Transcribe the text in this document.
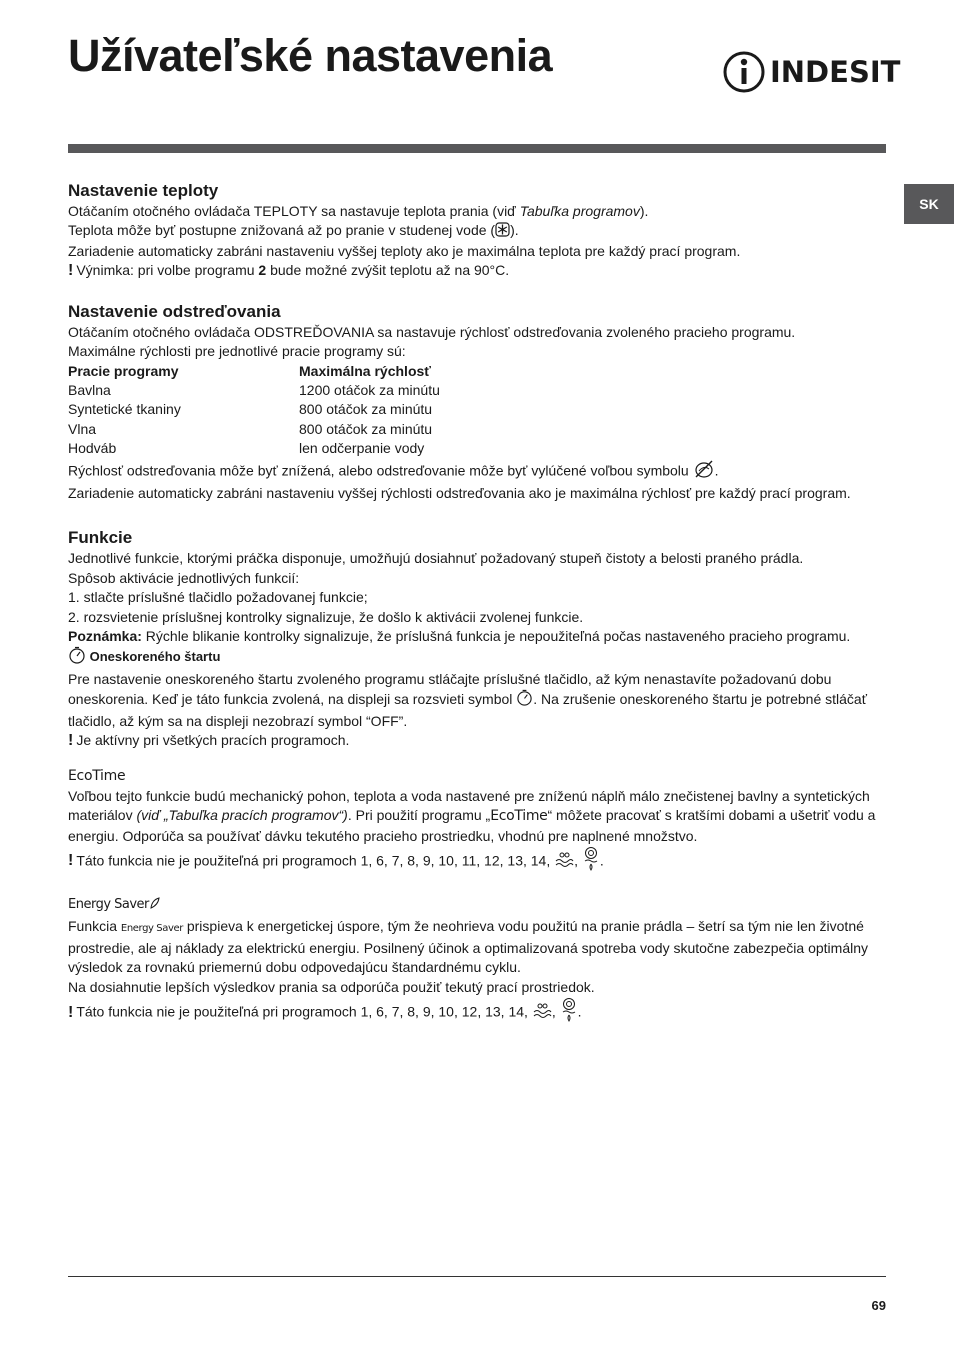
Užívateľské nastavenia	INDESIT
SK
Nastavenie teploty

Otáčaním otočného ovládača TEPLOTY sa nastavuje teplota prania (viď Tabuľka programov).

Teplota môže byť postupne znižovaná až po pranie v studenej vode ( ).

Zariadenie automaticky zabráni nastaveniu vyššej teploty ako je maximálna teplota pre každý prací program.

! Výnimka: pri volbe programu 2 bude možné zvýšit teplotu až na 90°C.

Nastavenie odstreďovania

Otáčaním otočného ovládača ODSTREĎOVANIA sa nastavuje rýchlosť odstreďovania zvoleného pracieho programu.

Maximálne rýchlosti pre jednotlivé pracie programy sú:

Pracie programy	Maximálna rýchlosť
Bavlna	1200 otáčok za minútu
Syntetické tkaniny	800 otáčok za minútu
Vlna	800 otáčok za minútu
Hodváb	len odčerpanie vody

Rýchlosť odstreďovania môže byť znížená, alebo odstreďovanie môže byť vylúčené voľbou symbolu .

Zariadenie automaticky zabráni nastaveniu vyššej rýchlosti odstreďovania ako je maximálna rýchlosť pre každý prací program.

Funkcie

Jednotlivé funkcie, ktorými práčka disponuje, umožňujú dosiahnuť požadovaný stupeň čistoty a belosti praného prádla.

Spôsob aktivácie jednotlivých funkcií:

1. stlačte príslušné tlačidlo požadovanej funkcie;

2. rozsvietenie príslušnej kontrolky signalizuje, že došlo k aktivácii zvolenej funkcie.

Poznámka: Rýchle blikanie kontrolky signalizuje, že príslušná funkcia je nepoužiteľná počas nastaveného pracieho programu.

Oneskoreného štartu

Pre nastavenie oneskoreného štartu zvoleného programu stláčajte príslušné tlačidlo, až kým nenastavíte požadovanú dobu oneskorenia. Keď je táto funkcia zvolená, na displeji sa rozsvieti symbol . Na zrušenie oneskoreného štartu je potrebné stláčať tlačidlo, až kým sa na displeji nezobrazí symbol “OFF”.

! Je aktívny pri všetkých pracích programoch.

EcoTime

Voľbou tejto funkcie budú mechanický pohon, teplota a voda nastavené pre zníženú náplň málo znečistenej bavlny a syntetických materiálov (viď „Tabuľka pracích programov“). Pri použití programu „EcoTime“ môžete pracovať s kratšími dobami a ušetriť vodu a energiu. Odporúča sa používať dávku tekutého pracieho prostriedku, vhodnú pre naplnené množstvo.

! Táto funkcia nie je použiteľná pri programoch 1, 6, 7, 8, 9, 10, 11, 12, 13, 14, , .

Energy Saver

Funkcia Energy Saver prispieva k energetickej úspore, tým že neohrieva vodu použitú na pranie prádla – šetrí sa tým nie len životné prostredie, ale aj náklady za elektrickú energiu. Posilnený účinok a optimalizovaná spotreba vody skutočne zabezpečia optimálny výsledok za rovnakú priemernú dobu odpovedajúcu štandardnému cyklu.

Na dosiahnutie lepších výsledkov prania sa odporúča použiť tekutý prací prostriedok.

! Táto funkcia nie je použiteľná pri programoch 1, 6, 7, 8, 9, 10, 12, 13, 14, , .

69
